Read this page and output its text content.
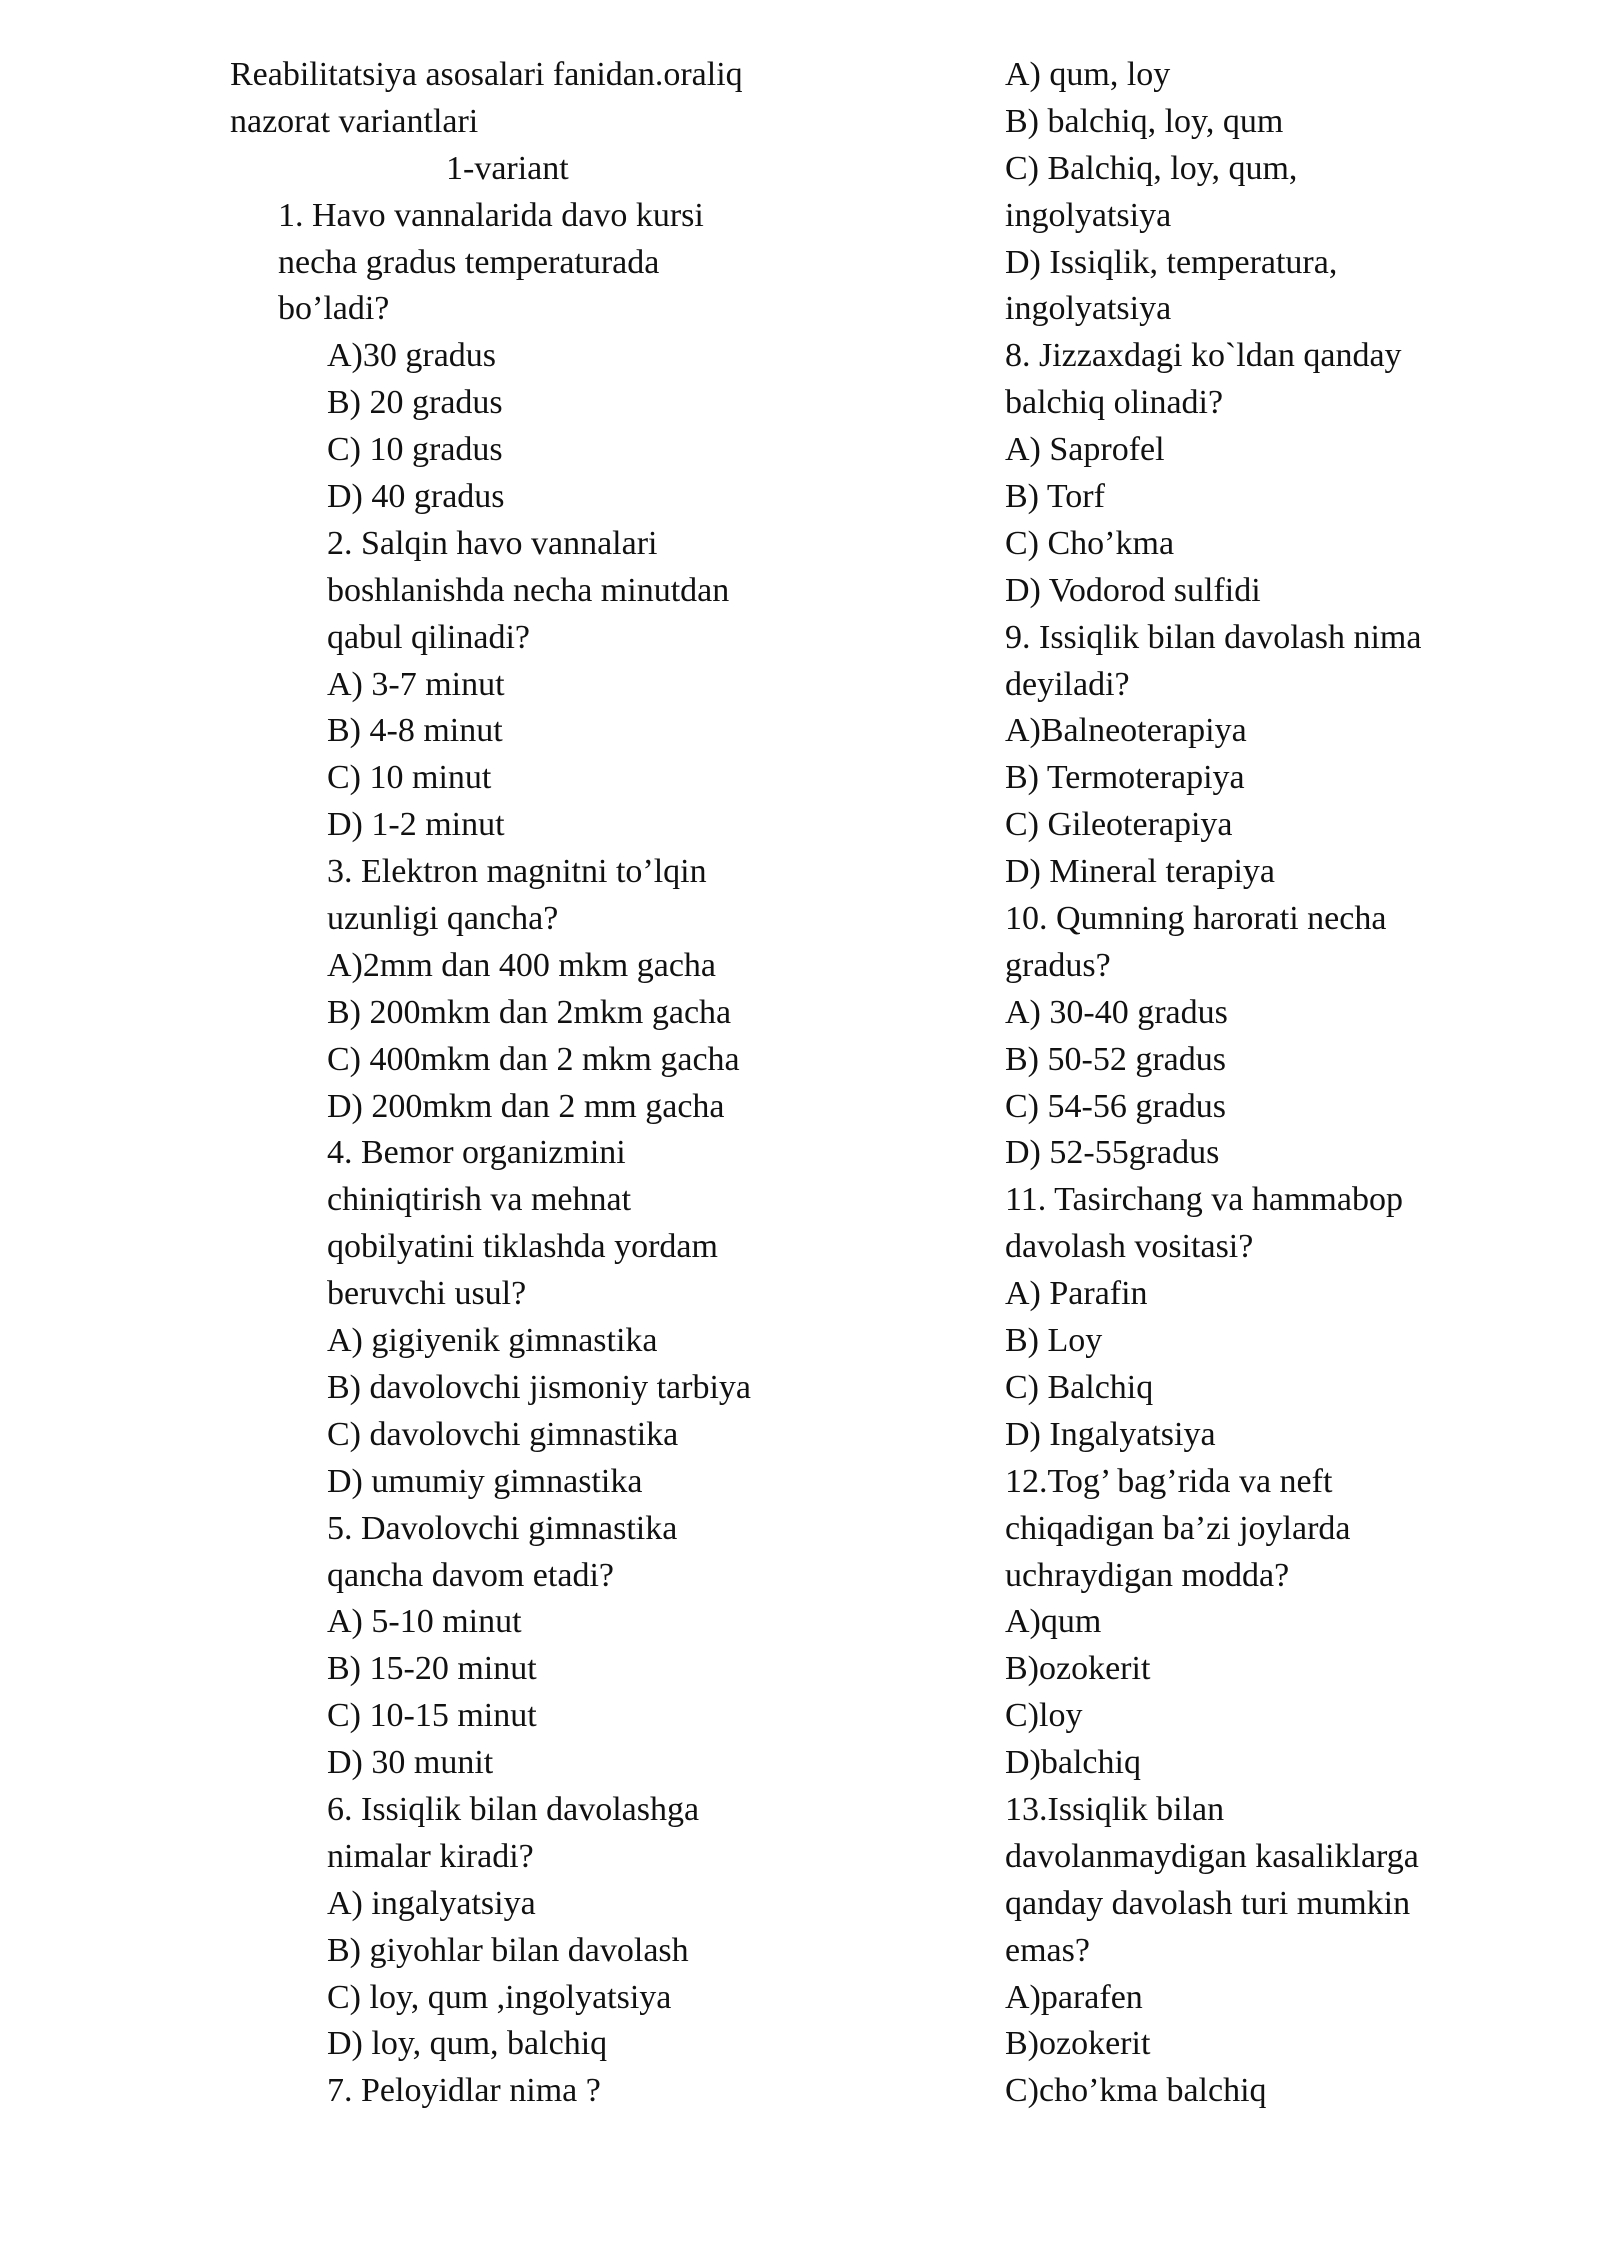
Reabilitatsiya asosalari fanidan.oraliq
nazorat variantlari
1-variant
1. Havo vannalarida davo kursi
necha gradus temperaturada
bo’ladi?
A)30 gradus
B) 20 gradus
C) 10 gradus
D) 40 gradus
2. Salqin havo vannalari
boshlanishda necha minutdan
qabul qilinadi?
A) 3-7 minut
B) 4-8 minut
C) 10 minut
D) 1-2 minut
3. Elektron magnitni to’lqin
uzunligi qancha?
A)2mm dan 400 mkm gacha
B) 200mkm dan 2mkm gacha
C) 400mkm dan 2 mkm gacha
D) 200mkm dan 2 mm gacha
4. Bemor organizmini
chiniqtirish va mehnat
qobilyatini tiklashda yordam
beruvchi usul?
A) gigiyenik gimnastika
B) davolovchi jismoniy tarbiya
C) davolovchi gimnastika
D) umumiy gimnastika
5. Davolovchi gimnastika
qancha davom etadi?
A) 5-10 minut
B) 15-20 minut
C) 10-15 minut
D) 30 munit
6. Issiqlik bilan davolashga
nimalar kiradi?
A) ingalyatsiya
B) giyohlar bilan davolash
C) loy, qum ,ingolyatsiya
D) loy, qum, balchiq
7. Peloyidlar nima ?
A) qum, loy
B) balchiq, loy, qum
C) Balchiq, loy, qum,
ingolyatsiya
D) Issiqlik, temperatura,
ingolyatsiya
8. Jizzaxdagi ko`ldan qanday
balchiq olinadi?
A) Saprofel
B) Torf
C) Cho’kma
D) Vodorod sulfidi
9. Issiqlik bilan davolash nima
deyiladi?
A)Balneoterapiya
B) Termoterapiya
C) Gileoterapiya
D) Mineral terapiya
10. Qumning harorati necha
gradus?
A) 30-40 gradus
B) 50-52 gradus
C) 54-56 gradus
D) 52-55gradus
11. Tasirchang va hammabop
davolash vositasi?
A) Parafin
B) Loy
C) Balchiq
D) Ingalyatsiya
12.Tog’ bag’rida va neft
chiqadigan ba’zi joylarda
uchraydigan modda?
A)qum
B)ozokerit
C)loy
D)balchiq
13.Issiqlik bilan
davolanmaydigan kasaliklarga
qanday davolash turi mumkin
emas?
A)parafen
B)ozokerit
C)cho’kma balchiq
